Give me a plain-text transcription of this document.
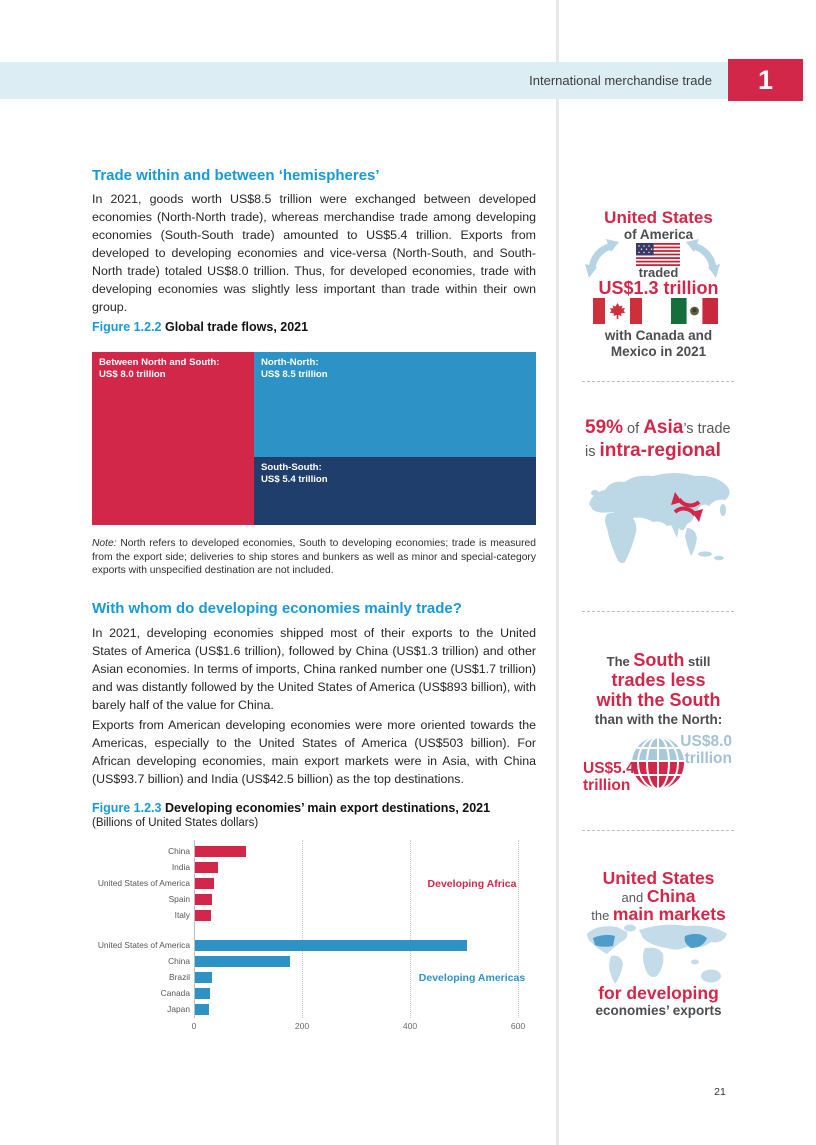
International merchandise trade	1
Trade within and between ‘hemispheres’
In 2021, goods worth US$8.5 trillion were exchanged between developed economies (North-North trade), whereas merchandise trade among developing economies (South-South trade) amounted to US$5.4 trillion. Exports from developed to developing economies and vice-versa (North-South, and South-North trade) totaled US$8.0 trillion. Thus, for developed economies, trade with developing economies was slightly less important than trade within their own group.
Figure 1.2.2 Global trade flows, 2021
Between North and South:
US$ 8.0 trillion
North-North:
US$ 8.5 trillion
South-South:
US$ 5.4 trillion
Note: North refers to developed economies, South to developing economies; trade is measured from the export side; deliveries to ship stores and bunkers as well as minor and special-category exports with unspecified destination are not included.
With whom do developing economies mainly trade?
In 2021, developing economies shipped most of their exports to the United States of America (US$1.6 trillion), followed by China (US$1.3 trillion) and other Asian economies. In terms of imports, China ranked number one (US$1.7 trillion) and was distantly followed by the United States of America (US$893 billion), with barely half of the value for China.
Exports from American developing economies were more oriented towards the Americas, especially to the United States of America (US$503 billion). For African developing economies, main export markets were in Asia, with China (US$93.7 billion) and India (US$42.5 billion) as the top destinations.
Figure 1.2.3 Developing economies’ main export destinations, 2021
(Billions of United States dollars)
0	200	400	600
China
India
United States of America
Spain
Italy
Developing Africa
United States of America
China
Brazil
Canada
Japan
Developing Americas
United States
of America
traded
US$1.3 trillion
with Canada and
Mexico in 2021
59% of Asia’s trade
is intra-regional
The South still
trades less
with the South
than with the North:
US$8.0
trillion
US$5.4
trillion
United States
and China
the main markets
for developing
economies’ exports
21
